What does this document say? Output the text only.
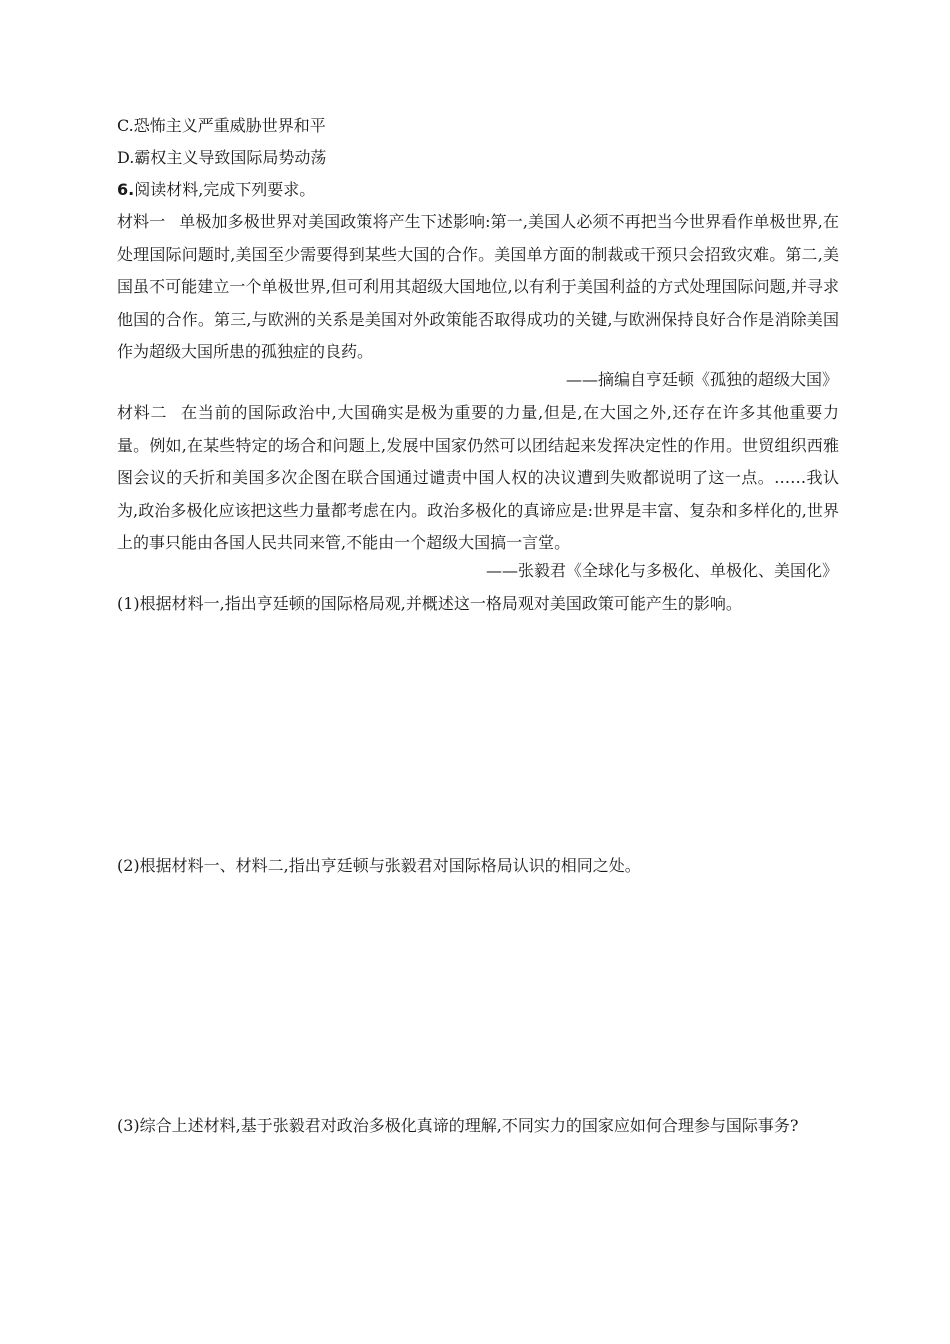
C.恐怖主义严重威胁世界和平
D.霸权主义导致国际局势动荡
6.阅读材料,完成下列要求。
材料一 单极加多极世界对美国政策将产生下述影响:第一,美国人必须不再把当今世界看作单极世界,在处理国际问题时,美国至少需要得到某些大国的合作。美国单方面的制裁或干预只会招致灾难。第二,美国虽不可能建立一个单极世界,但可利用其超级大国地位,以有利于美国利益的方式处理国际问题,并寻求他国的合作。第三,与欧洲的关系是美国对外政策能否取得成功的关键,与欧洲保持良好合作是消除美国作为超级大国所患的孤独症的良药。
——摘编自亨廷顿《孤独的超级大国》
材料二 在当前的国际政治中,大国确实是极为重要的力量,但是,在大国之外,还存在许多其他重要力量。例如,在某些特定的场合和问题上,发展中国家仍然可以团结起来发挥决定性的作用。世贸组织西雅图会议的夭折和美国多次企图在联合国通过谴责中国人权的决议遭到失败都说明了这一点。……我认为,政治多极化应该把这些力量都考虑在内。政治多极化的真谛应是:世界是丰富、复杂和多样化的,世界上的事只能由各国人民共同来管,不能由一个超级大国搞一言堂。
——张毅君《全球化与多极化、单极化、美国化》
(1)根据材料一,指出亨廷顿的国际格局观,并概述这一格局观对美国政策可能产生的影响。
(2)根据材料一、材料二,指出亨廷顿与张毅君对国际格局认识的相同之处。
(3)综合上述材料,基于张毅君对政治多极化真谛的理解,不同实力的国家应如何合理参与国际事务?
